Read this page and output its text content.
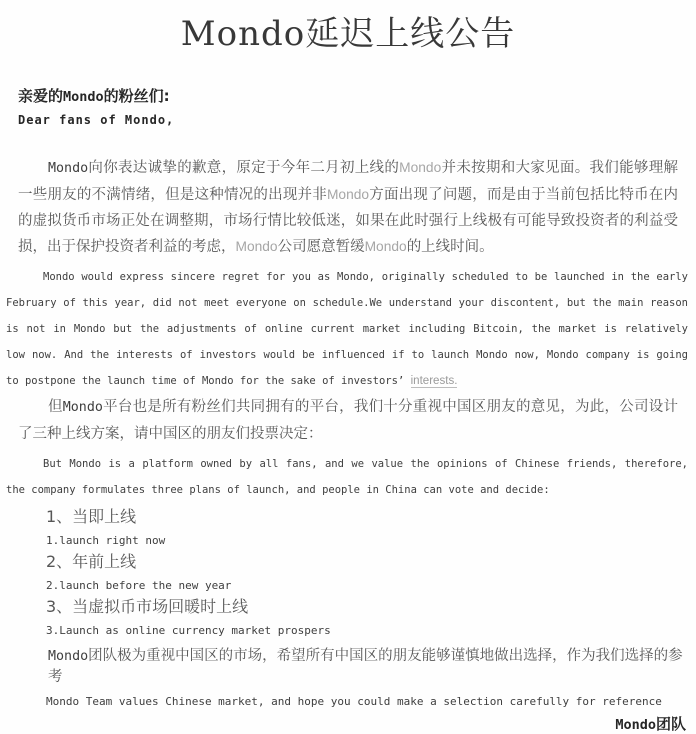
Mondo延迟上线公告

亲爱的Mondo的粉丝们:

Dear fans of Mondo,

Mondo向你表达诚挚的歉意，原定于今年二月初上线的Mondo并未按期和大家见面。我们能够理解一些朋友的不满情绪，但是这种情况的出现并非Mondo方面出现了问题，而是由于当前包括比特币在内的虚拟货币市场正处在调整期，市场行情比较低迷，如果在此时强行上线极有可能导致投资者的利益受损，出于保护投资者利益的考虑，Mondo公司愿意暂缓Mondo的上线时间。

Mondo would express sincere regret for you as Mondo, originally scheduled to be launched in the early February of this year, did not meet everyone on schedule.We understand your discontent, but the main reason is not in Mondo but the adjustments of online current market including Bitcoin, the market is relatively low now. And the interests of investors would be influenced if to launch Mondo now, Mondo company is going to postpone the launch time of Mondo for the sake of investors’ interests.

但Mondo平台也是所有粉丝们共同拥有的平台，我们十分重视中国区朋友的意见，为此，公司设计了三种上线方案，请中国区的朋友们投票决定：

But Mondo is a platform owned by all fans, and we value the opinions of Chinese friends, therefore, the company formulates three plans of launch, and people in China can vote and decide:

1、当即上线

1.launch right now

2、年前上线

2.launch before the new year

3、当虚拟币市场回暖时上线

3.Launch as online currency market prospers

Mondo团队极为重视中国区的市场，希望所有中国区的朋友能够谨慎地做出选择，作为我们选择的参考

Mondo Team values Chinese market, and hope you could make a selection carefully for reference

Mondo团队
